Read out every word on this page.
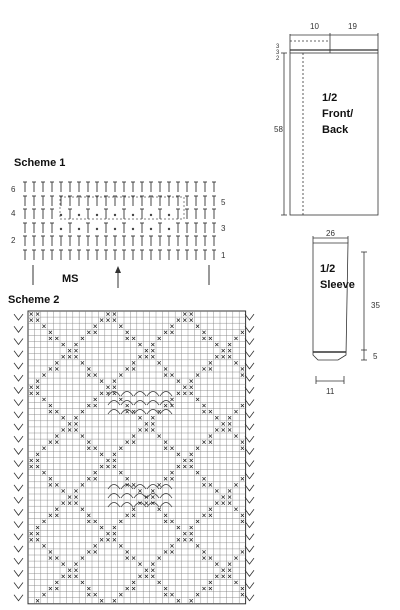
Scheme 1
6
4
2
5
3
1
MS
Scheme 2
1/2
Front/
Back
10	19
58
3
3
2
1/2
Sleeve
26
35
5
11
